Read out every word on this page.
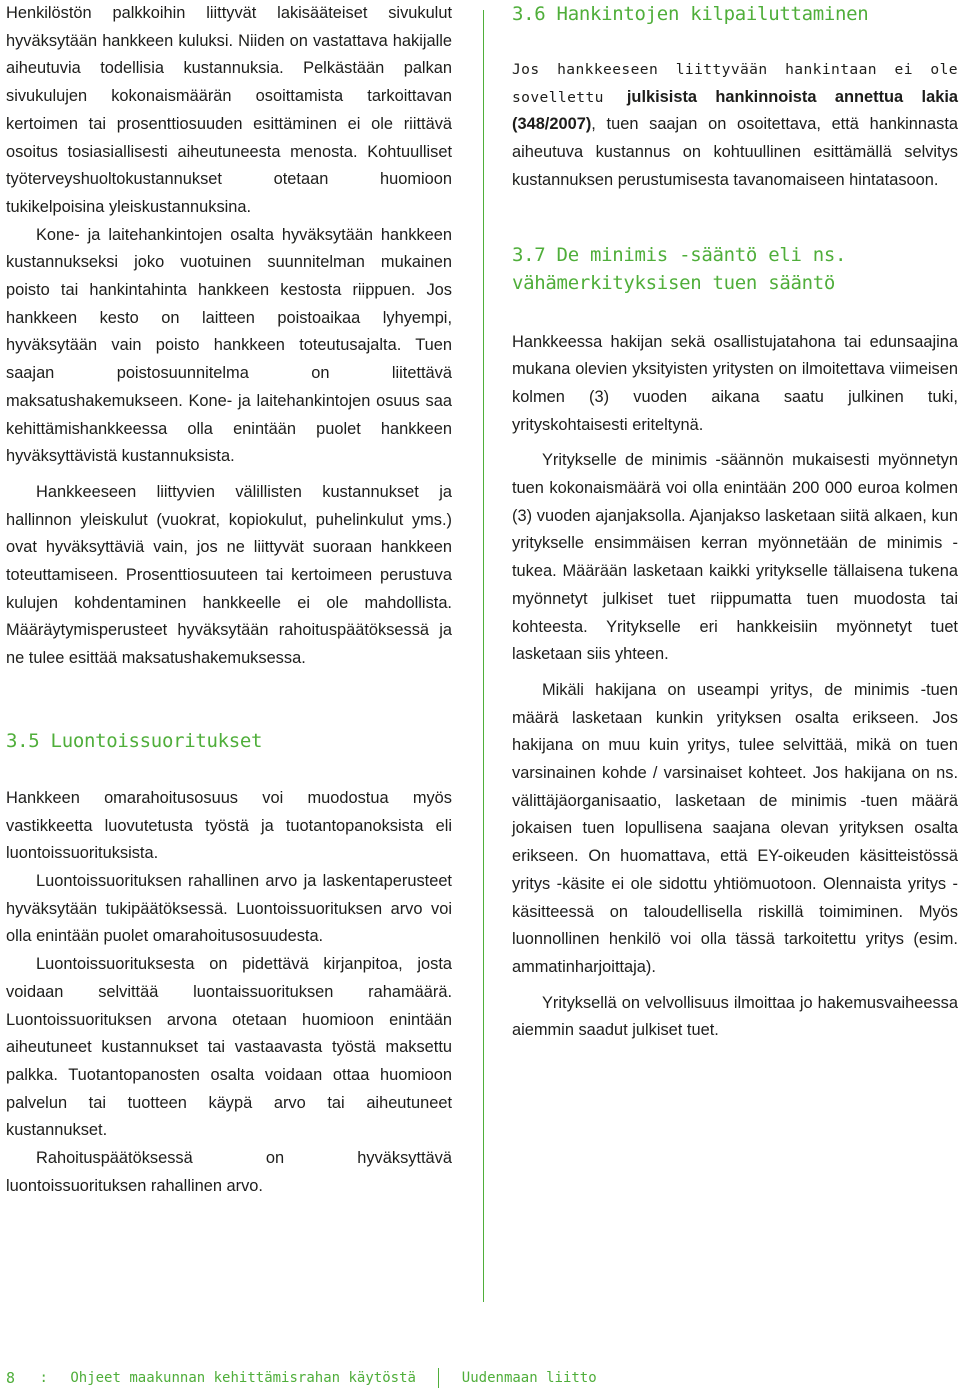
Henkilöstön palkkoihin liittyvät lakisääteiset sivukulut hyväksytään hankkeen kuluksi. Niiden on vastattava hakijalle aiheutuvia todellisia kustannuksia. Pelkästään palkan sivukulujen kokonaismäärän osoittamista tarkoittavan kertoimen tai prosenttiosuuden esittäminen ei ole riittävä osoitus tosiasiallisesti aiheutuneesta menosta. Kohtuulliset työterveyshuoltokustannukset otetaan huomioon tukikelpoisina yleiskustannuksina.

Kone- ja laitehankintojen osalta hyväksytään hankkeen kustannukseksi joko vuotuinen suunnitelman mukainen poisto tai hankintahinta hankkeen kestosta riippuen. Jos hankkeen kesto on laitteen poistoaikaa lyhyempi, hyväksytään vain poisto hankkeen toteutusajalta. Tuen saajan poistosuunnitelma on liitettävä maksatushakemukseen. Kone- ja laitehankintojen osuus saa kehittämishankkeessa olla enintään puolet hankkeen hyväksyttävistä kustannuksista.

Hankkeeseen liittyvien välillisten kustannukset ja hallinnon yleiskulut (vuokrat, kopiokulut, puhelinkulut yms.) ovat hyväksyttäviä vain, jos ne liittyvät suoraan hankkeen toteuttamiseen. Prosenttiosuuteen tai kertoimeen perustuva kulujen kohdentaminen hankkeelle ei ole mahdollista. Määräytymisperusteet hyväksytään rahoituspäätöksessä ja ne tulee esittää maksatushakemuksessa.

3.5 Luontoissuoritukset

Hankkeen omarahoitusosuus voi muodostua myös vastikkeetta luovutetusta työstä ja tuotantopanoksista eli luontoissuorituksista.

Luontoissuorituksen rahallinen arvo ja laskentaperusteet hyväksytään tukipäätöksessä. Luontoissuorituksen arvo voi olla enintään puolet omarahoitusosuudesta.

Luontoissuorituksesta on pidettävä kirjanpitoa, josta voidaan selvittää luontaissuorituksen rahamäärä. Luontoissuorituksen arvona otetaan huomioon enintään aiheutuneet kustannukset tai vastaavasta työstä maksettu palkka. Tuotantopanosten osalta voidaan ottaa huomioon palvelun tai tuotteen käypä arvo tai aiheutuneet kustannukset.

Rahoituspäätöksessä on hyväksyttävä luontoissuorituksen rahallinen arvo.

3.6 Hankintojen kilpailuttaminen

Jos hankkeeseen liittyvään hankintaan ei ole sovellettu julkisista hankinnoista annettua lakia (348/2007), tuen saajan on osoitettava, että hankinnasta aiheutuva kustannus on kohtuullinen esittämällä selvitys kustannuksen perustumisesta tavanomaiseen hintatasoon.

3.7 De minimis -sääntö eli ns. vähämerkityksisen tuen sääntö

Hankkeessa hakijan sekä osallistujatahona tai edunsaajina mukana olevien yksityisten yritysten on ilmoitettava viimeisen kolmen (3) vuoden aikana saatu julkinen tuki, yrityskohtaisesti eriteltynä.

Yritykselle de minimis -säännön mukaisesti myönnetyn tuen kokonaismäärä voi olla enintään 200 000 euroa kolmen (3) vuoden ajanjaksolla. Ajanjakso lasketaan siitä alkaen, kun yritykselle ensimmäisen kerran myönnetään de minimis -tukea. Määrään lasketaan kaikki yritykselle tällaisena tukena myönnetyt julkiset tuet riippumatta tuen muodosta tai kohteesta. Yritykselle eri hankkeisiin myönnetyt tuet lasketaan siis yhteen.

Mikäli hakijana on useampi yritys, de minimis -tuen määrä lasketaan kunkin yrityksen osalta erikseen. Jos hakijana on muu kuin yritys, tulee selvittää, mikä on tuen varsinainen kohde / varsinaiset kohteet. Jos hakijana on ns. välittäjäorganisaatio, lasketaan de minimis -tuen määrä jokaisen tuen lopullisena saajana olevan yrityksen osalta erikseen. On huomattava, että EY-oikeuden käsitteistössä yritys -käsite ei ole sidottu yhtiömuotoon. Olennaista yritys -käsitteessä on taloudellisella riskillä toimiminen. Myös luonnollinen henkilö voi olla tässä tarkoitettu yritys (esim. ammatinharjoittaja).

Yrityksellä on velvollisuus ilmoittaa jo hakemusvaiheessa aiemmin saadut julkiset tuet.

8 : Ohjeet maakunnan kehittämisrahan käytöstä	Uudenmaan liitto
